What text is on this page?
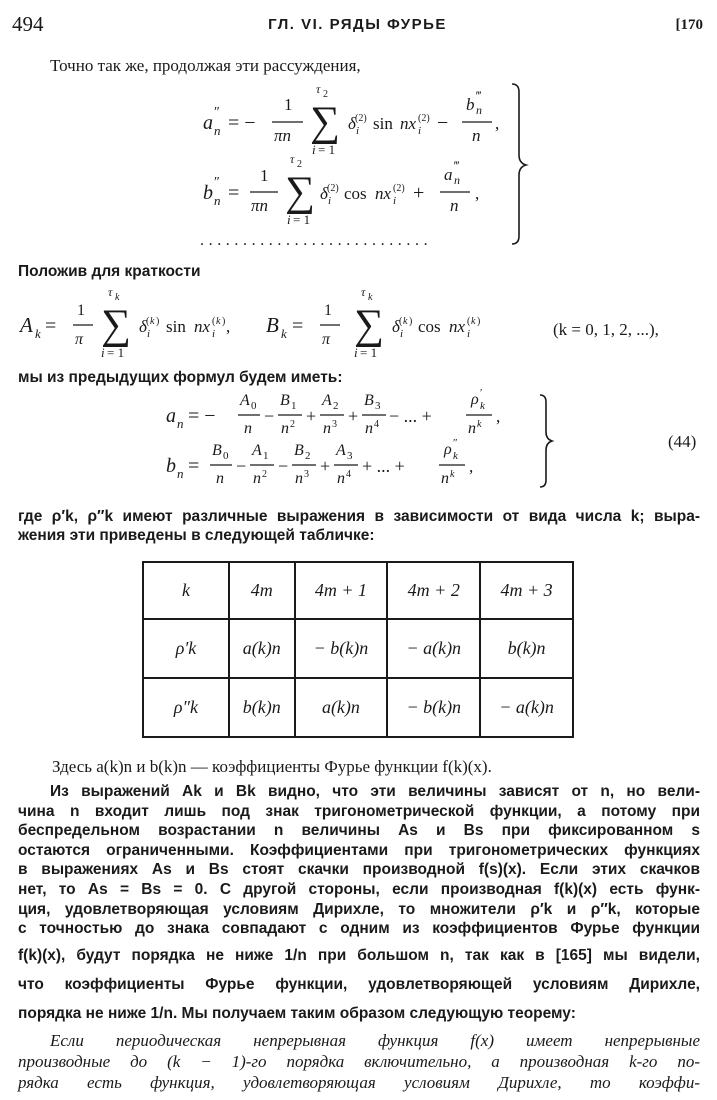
494	ГЛ. VI. РЯДЫ ФУРЬЕ	[170
Точно так же, продолжая эти рассуждения,
a ″
n = −
1
πn
τ 2
∑
i = 1
δ (2)
i sin nx (2)
i −
b ‴
n
n
,
b ″
n =
1
πn
τ 2
∑
i = 1
δ (2)
i cos nx (2)
i +
a ‴
n
n
,
...........................
Положив для краткости
A k =
1
π
τ k
∑
i = 1
δ ( k )
i sin nx ( k )
i , B k =
1
π
τ k
∑
i = 1
δ ( k )
i cos nx ( k )
i	(k = 0, 1, 2, ...),
мы из предыдущих формул будем иметь:
a n = −
A 0
n
−
B 1
n 2 +
A 2
n 3 +
B 3
n 4 − ... +
ρ ′
k
n k ,
b n =
B 0
n
−
A 1
n 2 −
B 2
n 3 +
A 3
n 4 + ... +
ρ ″
k
n k ,
(44)
где ρ′k, ρ″k имеют различные выражения в зависимости от вида числа k; выра-
жения эти приведены в следующей табличке:
k	4m	4m + 1	4m + 2	4m + 3
ρ′k	a(k)n	− b(k)n	− a(k)n	b(k)n
ρ″k	b(k)n	a(k)n	− b(k)n	− a(k)n
Здесь a(k)n и b(k)n — коэффициенты Фурье функции f(k)(x).
Из выражений Ak и Bk видно, что эти величины зависят от n, но вели-
чина n входит лишь под знак тригонометрической функции, а потому при
беспредельном возрастании n величины As и Bs при фиксированном s
остаются ограниченными. Коэффициентами при тригонометрических функциях
в выражениях As и Bs стоят скачки производной f(s)(x). Если этих скачков
нет, то As = Bs = 0. С другой стороны, если производная f(k)(x) есть функ-
ция, удовлетворяющая условиям Дирихле, то множители ρ′k и ρ″k, которые
с точностью до знака совпадают с одним из коэффициентов Фурье функции
f(k)(x), будут порядка не ниже 1/n при большом n, так как в [165] мы видели,
что коэффициенты Фурье функции, удовлетворяющей условиям Дирихле,
порядка не ниже 1/n. Мы получаем таким образом следующую теорему:
Если периодическая непрерывная функция f(x) имеет непрерывные
производные до (k − 1)-го порядка включительно, а производная k-го по-
рядка есть функция, удовлетворяющая условиям Дирихле, то коэффи-
